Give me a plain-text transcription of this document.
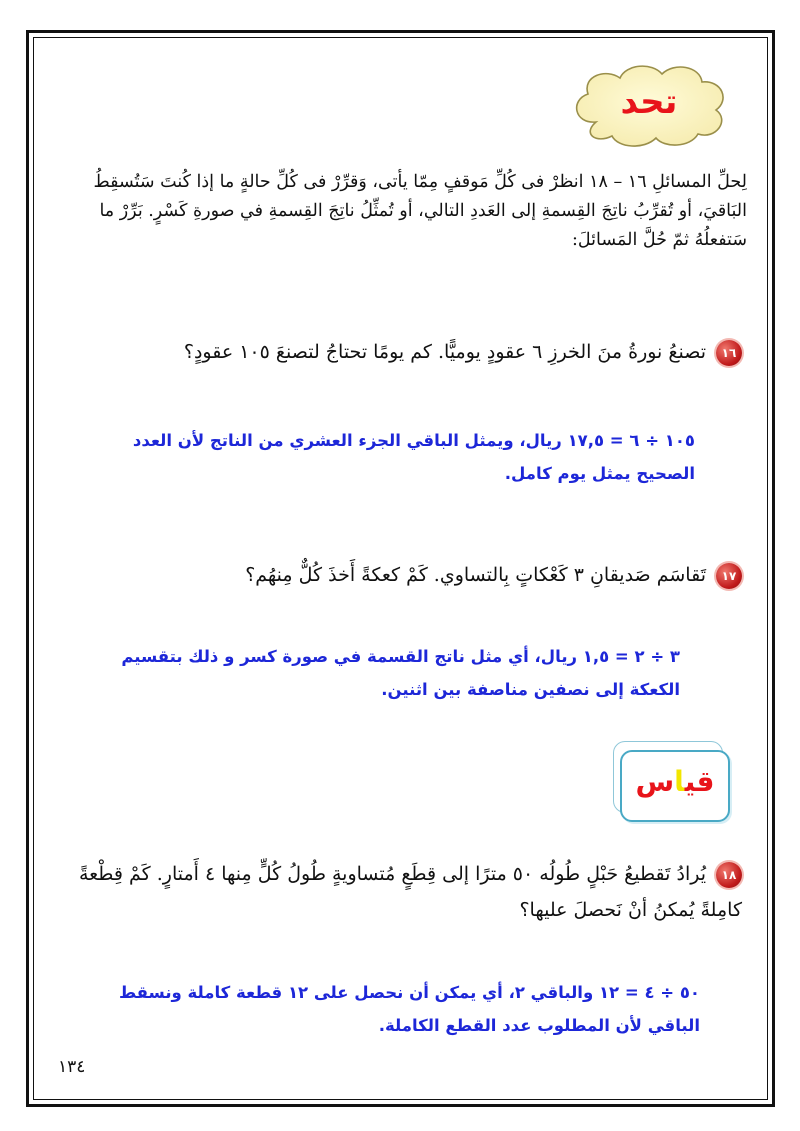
تحد
لِحلِّ المسائلِ ١٦ – ١٨ انظرْ فى كُلِّ مَوقفٍ مِمّا يأتى، وَقرِّرْ فى كُلِّ حالةٍ ما إذا كُنتَ سَتُسقِطُ البَاقيَ، أو تُقرِّبُ ناتِجَ القِسمةِ إلى العَددِ التالي، أو تُمثِّلُ ناتِجَ القِسمةِ في صورةِ كَسْرٍ. بَرِّرْ ما سَتفعلُهُ ثمّ حُلَّ المَسائلَ:
١٦تصنعُ نورةُ منَ الخرزِ ٦ عقودٍ يوميًّا. كم يومًا تحتاجُ لتصنعَ ١٠٥ عقودٍ؟
١٠٥ ÷ ٦ = ١٧,٥ ريال، ويمثل الباقي الجزء العشري من الناتج لأن العدد الصحيح يمثل يوم كامل.
١٧تَقاسَم صَديقانِ ٣ كَعْكاتٍ بِالتساوي. كَمْ كعكةً أَخذَ كُلٌّ مِنهُم؟
٣ ÷ ٢ = ١,٥ ريال، أي مثل ناتج القسمة في صورة كسر و ذلك بتقسيم الكعكة إلى نصفين مناصفة بين اثنين.
قياس
١٨يُرادُ تَقطيعُ حَبْلٍ طُولُه ٥٠ مترًا إلى قِطَعٍ مُتساويةٍ طُولُ كُلٍّ مِنها ٤ أَمتارٍ. كَمْ قِطْعةً كامِلةً يُمكنُ أنْ نَحصلَ عليها؟
٥٠ ÷ ٤ = ١٢ والباقي ٢، أي يمكن أن نحصل على ١٢ قطعة كاملة ونسقط الباقي لأن المطلوب عدد القطع الكاملة.
١٣٤
